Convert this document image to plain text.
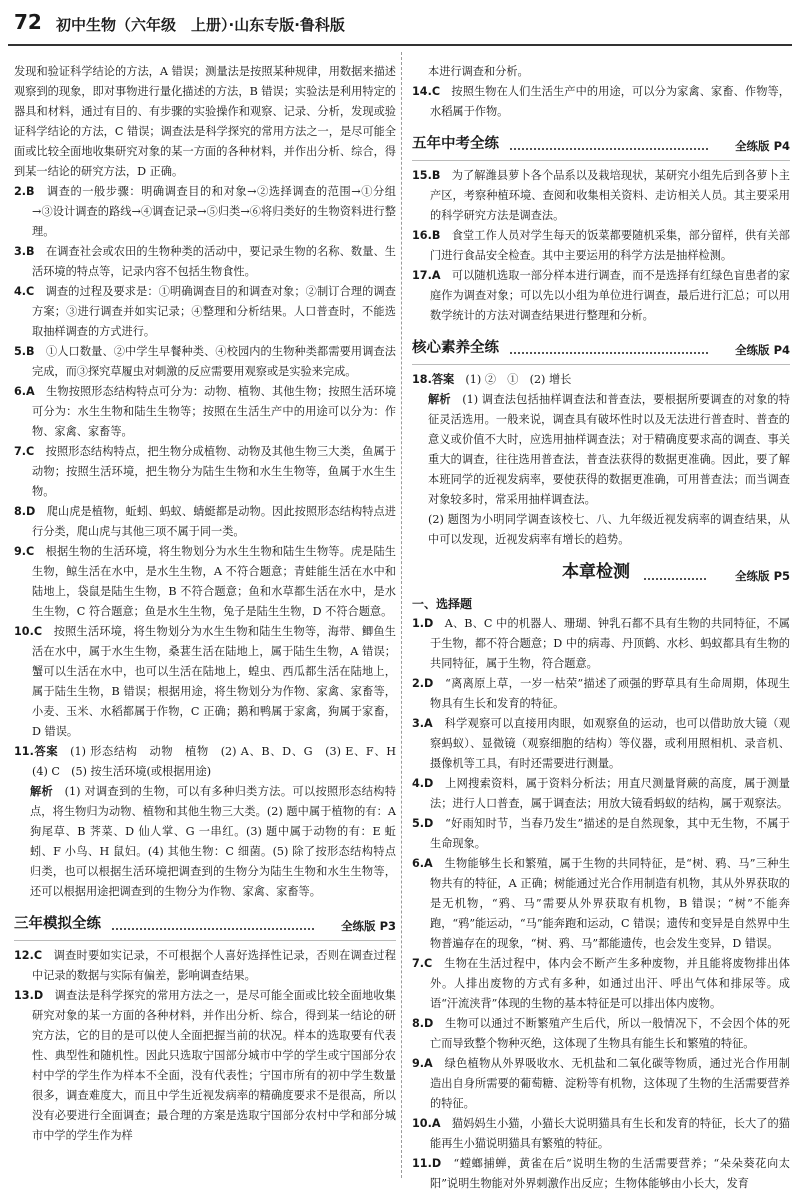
72 初中生物（六年级　上册）·山东专版·鲁科版

发现和验证科学结论的方法，A 错误；测量法是按照某种规律，用数据来描述观察到的现象，即对事物进行量化描述的方法，B 错误；实验法是利用特定的器具和材料，通过有目的、有步骤的实验操作和观察、记录、分析，发现或验证科学结论的方法，C 错误；调查法是科学探究的常用方法之一，是尽可能全面或比较全面地收集研究对象的某一方面的各种材料，并作出分析、综合，得到某一结论的研究方法，D 正确。

2.B　 调查的一般步骤：明确调查目的和对象→②选择调查的范围→①分组→③设计调查的路线→④调查记录→⑤归类→⑥将归类好的生物资料进行整理。

3.B　 在调查社会或农田的生物种类的活动中，要记录生物的名称、数量、生活环境的特点等，记录内容不包括生物食性。

4.C　 调查的过程及要求是：①明确调查目的和调查对象；②制订合理的调查方案；③进行调查并如实记录；④整理和分析结果。人口普查时，不能选取抽样调查的方式进行。

5.B　 ①人口数量、②中学生早餐种类、④校园内的生物种类都需要用调查法完成，而③探究草履虫对刺激的反应需要用观察或是实验来完成。

6.A　 生物按照形态结构特点可分为：动物、植物、其他生物；按照生活环境可分为：水生生物和陆生生物等；按照在生活生产中的用途可以分为：作物、家禽、家畜等。

7.C　 按照形态结构特点，把生物分成植物、动物及其他生物三大类，鱼属于动物；按照生活环境，把生物分为陆生生物和水生生物等，鱼属于水生生物。

8.D　 爬山虎是植物，蚯蚓、蚂蚁、蜻蜓都是动物。因此按照形态结构特点进行分类，爬山虎与其他三项不属于同一类。

9.C　 根据生物的生活环境，将生物划分为水生生物和陆生生物等。虎是陆生生物，鲸生活在水中，是水生生物，A 不符合题意；青蛙能生活在水中和陆地上，袋鼠是陆生生物，B 不符合题意；鱼和水草都生活在水中，是水生生物，C 符合题意；鱼是水生生物，兔子是陆生生物，D 不符合题意。

10.C　 按照生活环境，将生物划分为水生生物和陆生生物等，海带、鲫鱼生活在水中，属于水生生物，桑葚生活在陆地上，属于陆生生物，A 错误；蟹可以生活在水中，也可以生活在陆地上，蝗虫、西瓜都生活在陆地上，属于陆生生物，B 错误；根据用途，将生物划分为作物、家禽、家畜等，小麦、玉米、水稻都属于作物，C 正确；鹅和鸭属于家禽，狗属于家畜，D 错误。

11.答案　 (1) 形态结构　动物　植物　(2) A、B、D、G　(3) E、F、H　(4) C　(5) 按生活环境(或根据用途)

解析　 (1) 对调查到的生物，可以有多种归类方法。可以按照形态结构特点，将生物归为动物、植物和其他生物三大类。(2) 题中属于植物的有：A 狗尾草、B 荠菜、D 仙人掌、G 一串红。(3) 题中属于动物的有：E 蚯蚓、F 小鸟、H 鼠妇。(4) 其他生物：C 细菌。(5) 除了按形态结构特点归类，也可以根据生活环境把调查到的生物分为陆生生物和水生生物等，还可以根据用途把调查到的生物分为作物、家禽、家畜等。

三年模拟全练	全练版 P3

12.C　 调查时要如实记录，不可根据个人喜好选择性记录，否则在调查过程中记录的数据与实际有偏差，影响调查结果。

13.D　 调查法是科学探究的常用方法之一，是尽可能全面或比较全面地收集研究对象的某一方面的各种材料，并作出分析、综合，得到某一结论的研究方法，它的目的是可以使人全面把握当前的状况。样本的选取要有代表性、典型性和随机性。因此只选取宁国部分城市中学的学生或宁国部分农村中学的学生作为样本不全面，没有代表性；宁国市所有的初中学生数量很多，调查难度大，而且中学生近视发病率的精确度要求不是很高，所以没有必要进行全面调查；最合理的方案是选取宁国部分农村中学和部分城市中学的学生作为样

本进行调查和分析。

14.C　 按照生物在人们生活生产中的用途，可以分为家禽、家畜、作物等，水稻属于作物。

五年中考全练	全练版 P4

15.B　 为了解潍县萝卜各个品系以及栽培现状，某研究小组先后到各萝卜主产区，考察种植环境、查阅和收集相关资料、走访相关人员。其主要采用的科学研究方法是调查法。

16.B　 食堂工作人员对学生每天的饭菜都要随机采集，部分留样，供有关部门进行食品安全检查。其中主要运用的科学方法是抽样检测。

17.A　 可以随机选取一部分样本进行调查，而不是选择有红绿色盲患者的家庭作为调查对象；可以先以小组为单位进行调查，最后进行汇总；可以用数学统计的方法对调查结果进行整理和分析。

核心素养全练	全练版 P4

18.答案　 (1) ②　①　(2) 增长

解析　 (1) 调查法包括抽样调查法和普查法，要根据所要调查的对象的特征灵活选用。一般来说，调查具有破坏性时以及无法进行普查时、普查的意义或价值不大时，应选用抽样调查法；对于精确度要求高的调查、事关重大的调查，往往选用普查法，普查法获得的数据更准确。因此，要了解本班同学的近视发病率，要使获得的数据更准确，可用普查法；而当调查对象较多时，常采用抽样调查法。

(2) 题图为小明同学调查该校七、八、九年级近视发病率的调查结果，从中可以发现，近视发病率有增长的趋势。

本章检测	全练版 P5

一、选择题

1.D　 A、B、C 中的机器人、珊瑚、钟乳石都不具有生物的共同特征，不属于生物，都不符合题意；D 中的病毒、丹顶鹤、水杉、蚂蚁都具有生物的共同特征，属于生物，符合题意。

2.D　 “离离原上草，一岁一枯荣”描述了顽强的野草具有生命周期，体现生物具有生长和发育的特征。

3.A　 科学观察可以直接用肉眼，如观察鱼的运动，也可以借助放大镜（观察蚂蚁）、显微镜（观察细胞的结构）等仪器，或利用照相机、录音机、摄像机等工具，有时还需要进行测量。

4.D　 上网搜索资料，属于资料分析法；用直尺测量肾蕨的高度，属于测量法；进行人口普查，属于调查法；用放大镜看蚂蚁的结构，属于观察法。

5.D　 “好雨知时节，当春乃发生”描述的是自然现象，其中无生物，不属于生命现象。

6.A　 生物能够生长和繁殖，属于生物的共同特征，是“树、鸦、马”三种生物共有的特征，A 正确；树能通过光合作用制造有机物，其从外界获取的是无机物，“鸦、马”需要从外界获取有机物，B 错误；“树”不能奔跑，“鸦”能运动，“马”能奔跑和运动，C 错误；遗传和变异是自然界中生物普遍存在的现象，“树、鸦、马”都能遗传，也会发生变异，D 错误。

7.C　 生物在生活过程中，体内会不断产生多种废物，并且能将废物排出体外。人排出废物的方式有多种，如通过出汗、呼出气体和排尿等。成语“汗流浃背”体现的生物的基本特征是可以排出体内废物。

8.D　 生物可以通过不断繁殖产生后代，所以一般情况下，不会因个体的死亡而导致整个物种灭绝，这体现了生物具有能生长和繁殖的特征。

9.A　 绿色植物从外界吸收水、无机盐和二氧化碳等物质，通过光合作用制造出自身所需要的葡萄糖、淀粉等有机物，这体现了生物的生活需要营养的特征。

10.A　 猫妈妈生小猫，小猫长大说明猫具有生长和发育的特征，长大了的猫能再生小猫说明猫具有繁殖的特征。

11.D　 “螳螂捕蝉，黄雀在后”说明生物的生活需要营养；“朵朵葵花向太阳”说明生物能对外界刺激作出反应；生物体能够由小长大，发育
